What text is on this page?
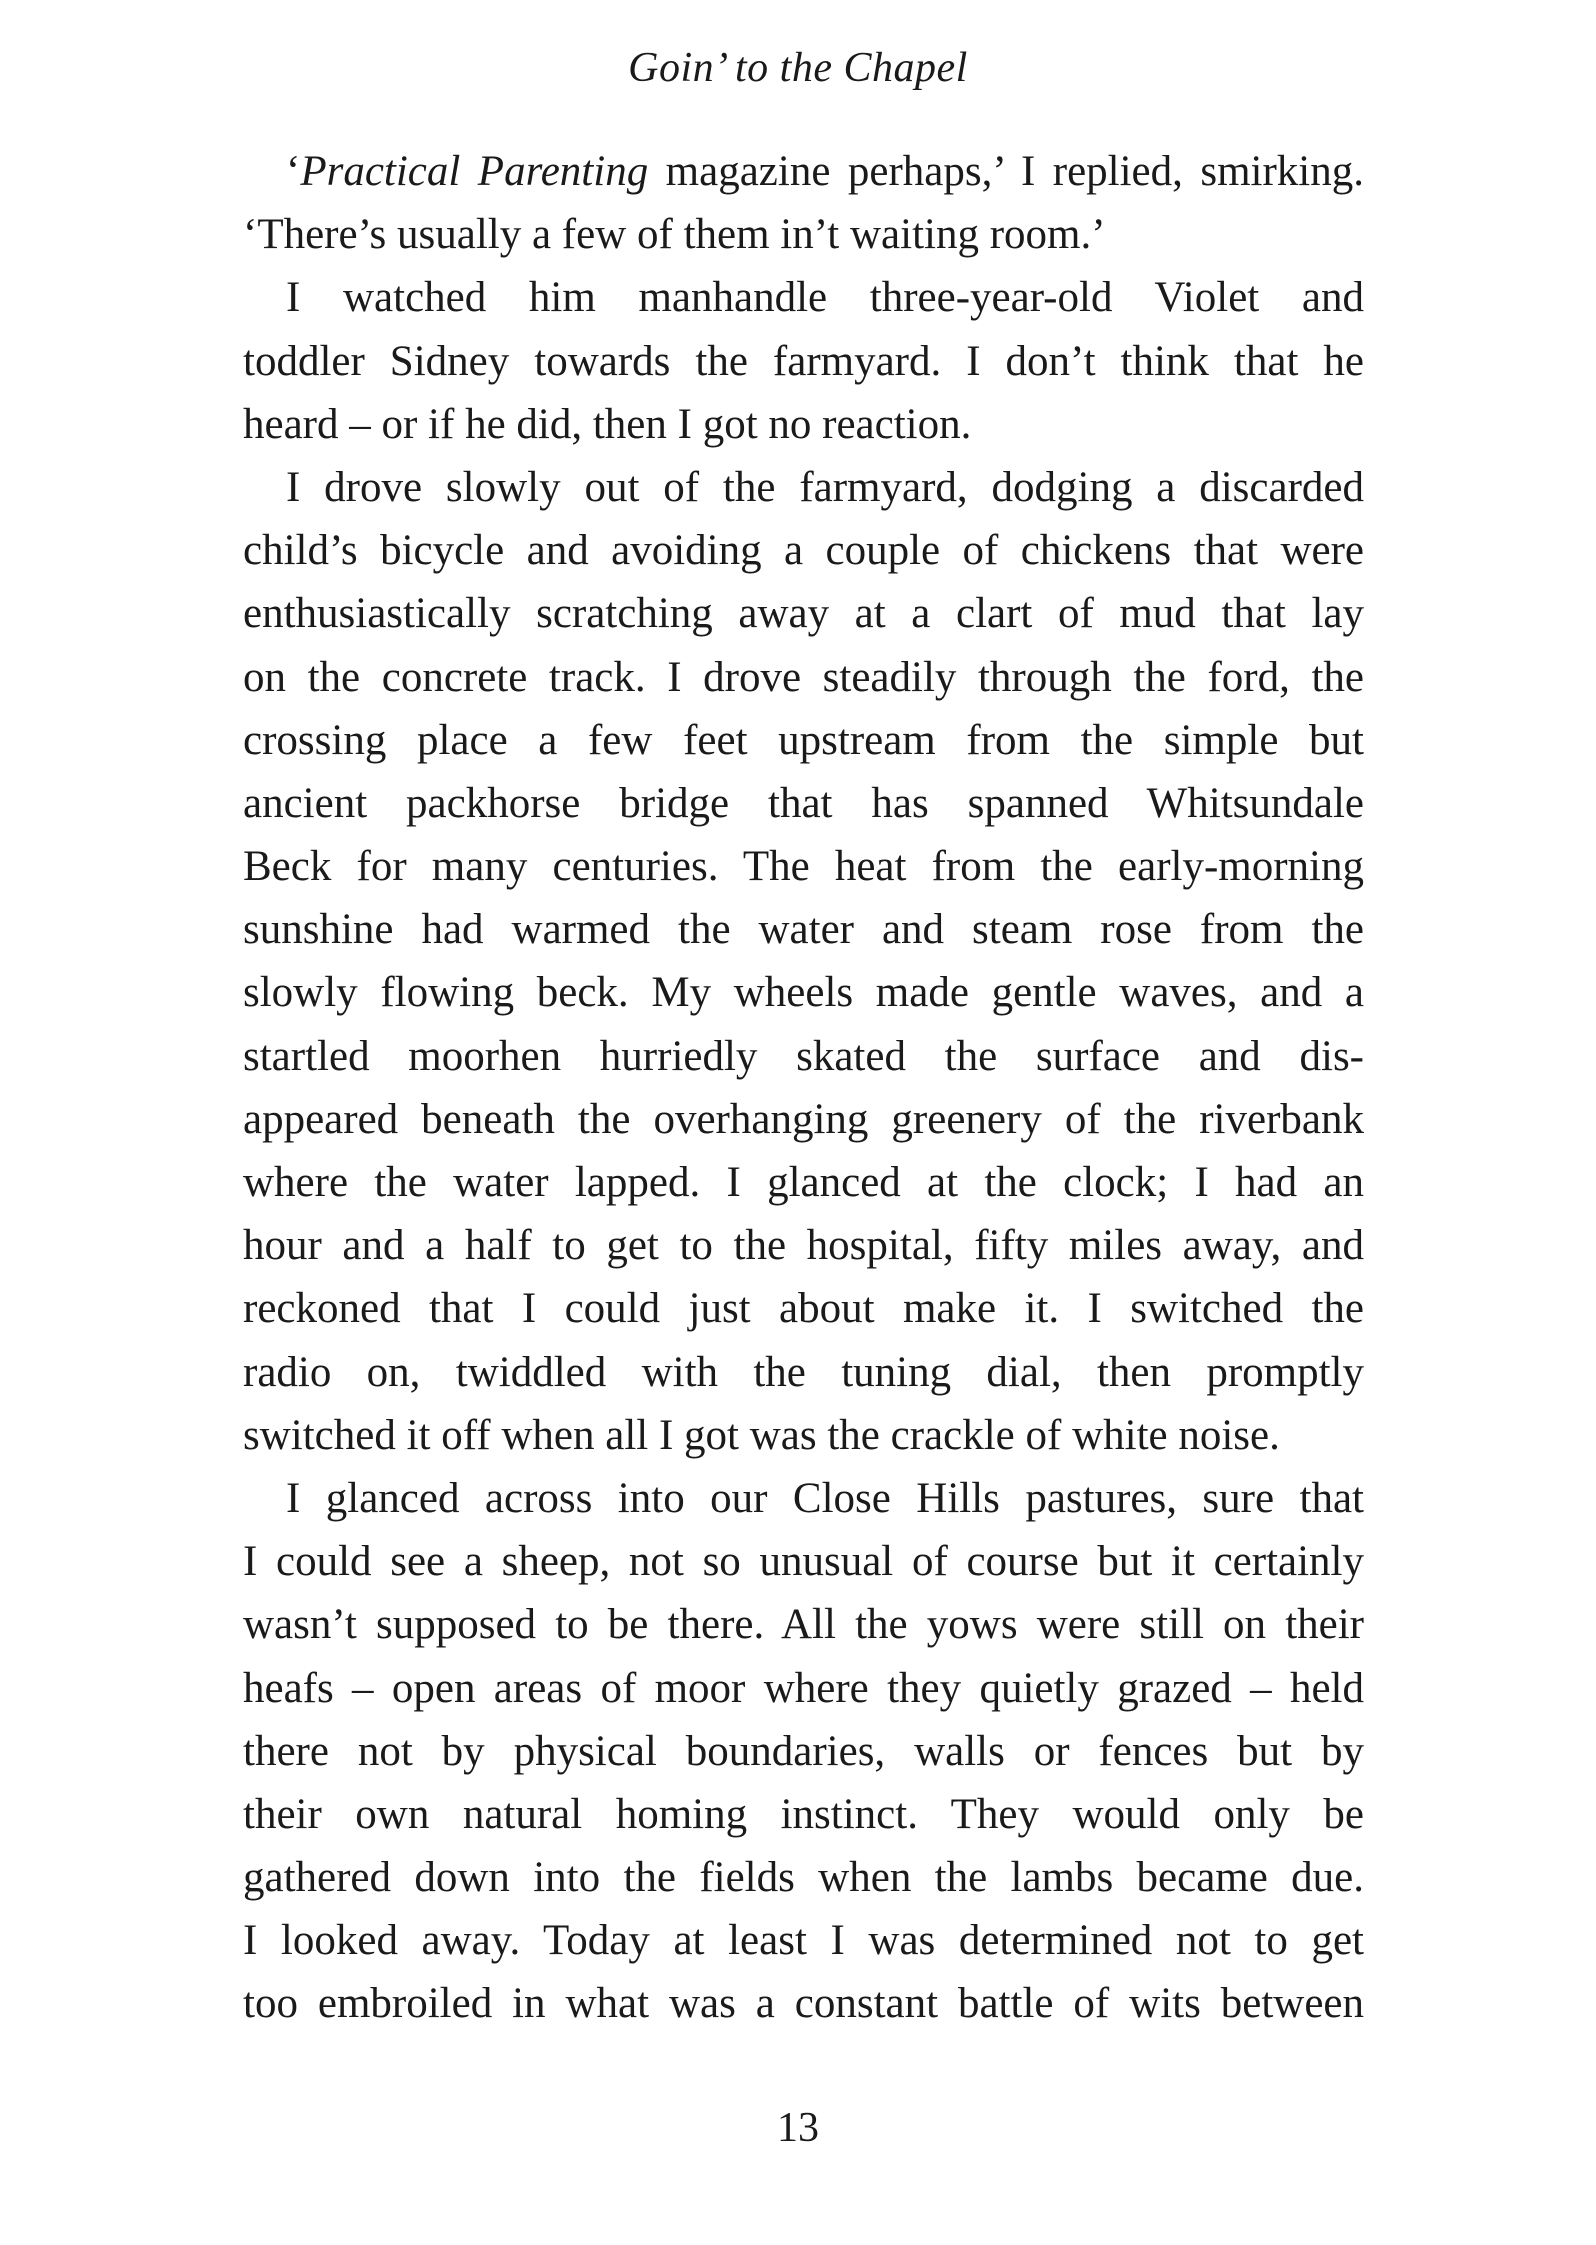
Goin’ to the Chapel
‘Practical Parenting magazine perhaps,’ I replied, smirking.
‘There’s usually a few of them in’t waiting room.’
I watched him manhandle three-year-old Violet and
toddler Sidney towards the farmyard. I don’t think that he
heard – or if he did, then I got no reaction.
I drove slowly out of the farmyard, dodging a discarded
child’s bicycle and avoiding a couple of chickens that were
enthusiastically scratching away at a clart of mud that lay
on the concrete track. I drove steadily through the ford, the
crossing place a few feet upstream from the simple but
ancient packhorse bridge that has spanned Whitsundale
Beck for many centuries. The heat from the early-morning
sunshine had warmed the water and steam rose from the
slowly flowing beck. My wheels made gentle waves, and a
startled moorhen hurriedly skated the surface and dis-
appeared beneath the overhanging greenery of the riverbank
where the water lapped. I glanced at the clock; I had an
hour and a half to get to the hospital, fifty miles away, and
reckoned that I could just about make it. I switched the
radio on, twiddled with the tuning dial, then promptly
switched it off when all I got was the crackle of white noise.
I glanced across into our Close Hills pastures, sure that
I could see a sheep, not so unusual of course but it certainly
wasn’t supposed to be there. All the yows were still on their
heafs – open areas of moor where they quietly grazed – held
there not by physical boundaries, walls or fences but by
their own natural homing instinct. They would only be
gathered down into the fields when the lambs became due.
I looked away. Today at least I was determined not to get
too embroiled in what was a constant battle of wits between
13
